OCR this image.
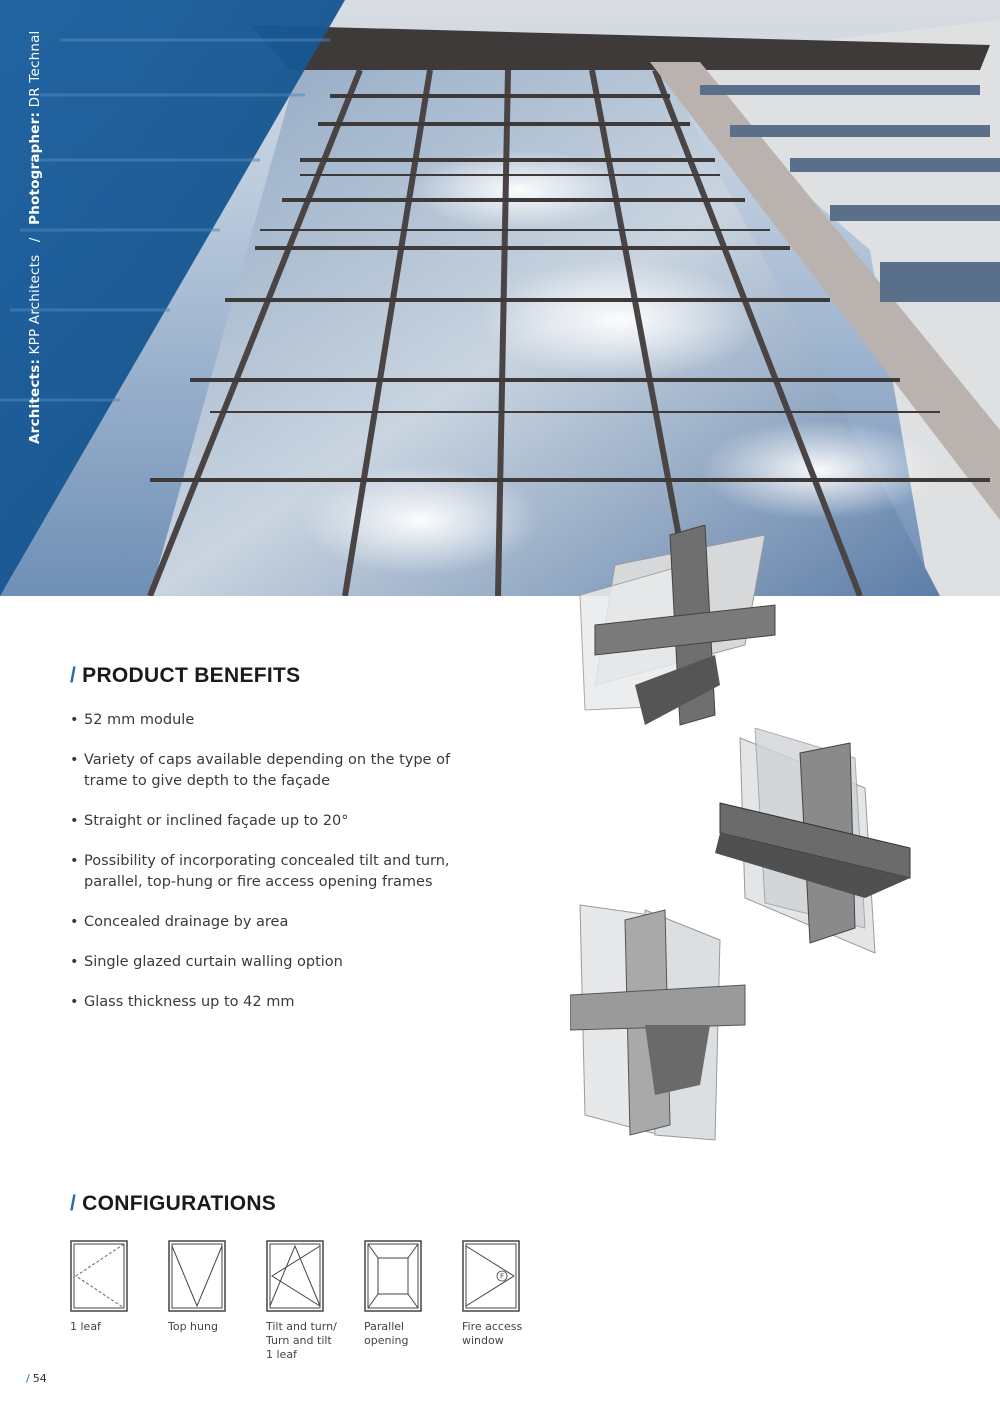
Architects: KPP Architects / Photographer: DR Technal
/ PRODUCT BENEFITS
• 52 mm module
• Variety of caps available depending on the type of trame to give depth to the façade
• Straight or inclined façade up to 20°
• Possibility of incorporating concealed tilt and turn, parallel, top-hung or fire access opening frames
• Concealed drainage by area
• Single glazed curtain walling option
• Glass thickness up to 42 mm
/ CONFIGURATIONS
1 leaf	Top hung	Tilt and turn/
Turn and tilt
1 leaf
Parallel
opening
F
Fire access
window
/ 54
